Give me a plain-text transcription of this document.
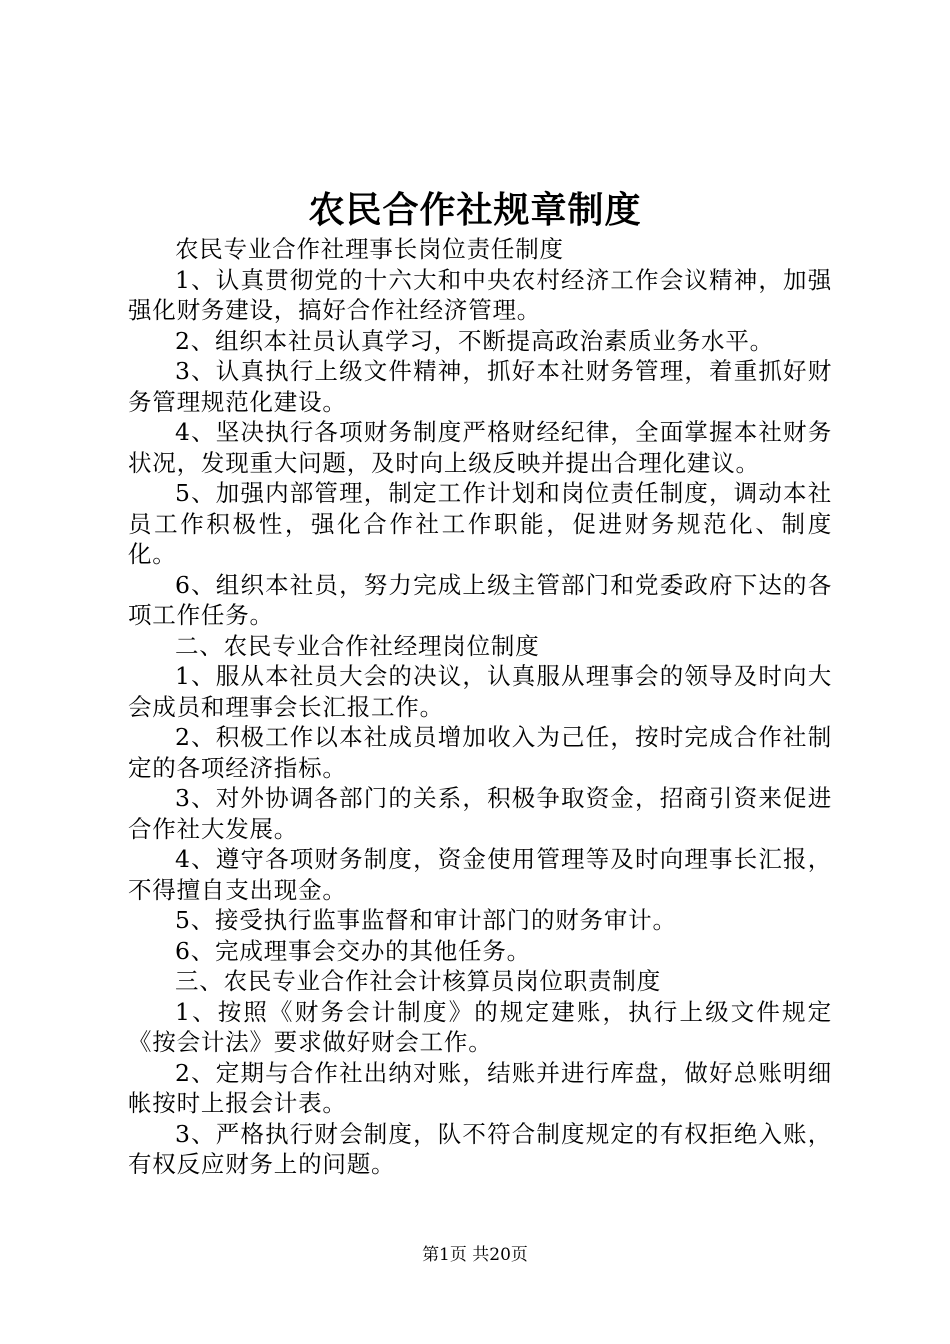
农民合作社规章制度

农民专业合作社理事长岗位责任制度

1、认真贯彻党的十六大和中央农村经济工作会议精神，加强强化财务建设，搞好合作社经济管理。

2、组织本社员认真学习，不断提高政治素质业务水平。

3、认真执行上级文件精神，抓好本社财务管理，着重抓好财务管理规范化建设。

4、坚决执行各项财务制度严格财经纪律，全面掌握本社财务状况，发现重大问题，及时向上级反映并提出合理化建议。

5、加强内部管理，制定工作计划和岗位责任制度，调动本社员工作积极性，强化合作社工作职能，促进财务规范化、制度化。

6、组织本社员，努力完成上级主管部门和党委政府下达的各项工作任务。

二、农民专业合作社经理岗位制度

1、服从本社员大会的决议，认真服从理事会的领导及时向大会成员和理事会长汇报工作。

2、积极工作以本社成员增加收入为己任，按时完成合作社制定的各项经济指标。

3、对外协调各部门的关系，积极争取资金，招商引资来促进合作社大发展。

4、遵守各项财务制度，资金使用管理等及时向理事长汇报，不得擅自支出现金。

5、接受执行监事监督和审计部门的财务审计。

6、完成理事会交办的其他任务。

三、农民专业合作社会计核算员岗位职责制度

1、按照《财务会计制度》的规定建账，执行上级文件规定《按会计法》要求做好财会工作。

2、定期与合作社出纳对账，结账并进行库盘，做好总账明细帐按时上报会计表。

3、严格执行财会制度，队不符合制度规定的有权拒绝入账，有权反应财务上的问题。

第1页 共20页
